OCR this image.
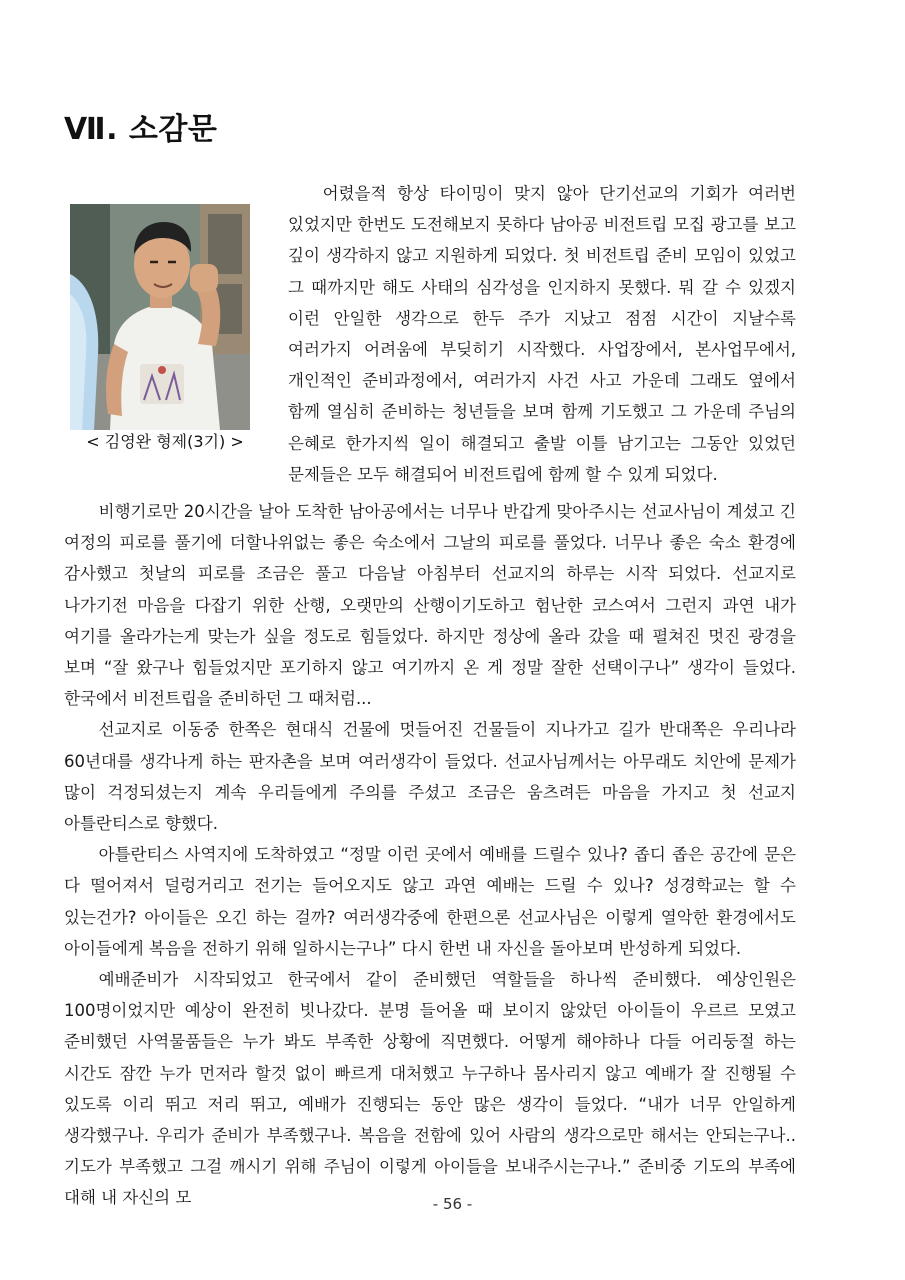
Ⅶ. 소감문
< 김영완 형제(3기) >

어렸을적 항상 타이밍이 맞지 않아 단기선교의 기회가 여러번 있었지만 한번도 도전해보지 못하다 남아공 비전트립 모집 광고를 보고 깊이 생각하지 않고 지원하게 되었다. 첫 비전트립 준비 모임이 있었고 그 때까지만 해도 사태의 심각성을 인지하지 못했다. 뭐 갈 수 있겠지 이런 안일한 생각으로 한두 주가 지났고 점점 시간이 지날수록 여러가지 어려움에 부딪히기 시작했다. 사업장에서, 본사업무에서, 개인적인 준비과정에서, 여러가지 사건 사고 가운데 그래도 옆에서 함께 열심히 준비하는 청년들을 보며 함께 기도했고 그 가운데 주님의 은혜로 한가지씩 일이 해결되고 출발 이틀 남기고는 그동안 있었던 문제들은 모두 해결되어 비전트립에 함께 할 수 있게 되었다.

비행기로만 20시간을 날아 도착한 남아공에서는 너무나 반갑게 맞아주시는 선교사님이 계셨고 긴 여정의 피로를 풀기에 더할나위없는 좋은 숙소에서 그날의 피로를 풀었다. 너무나 좋은 숙소 환경에 감사했고 첫날의 피로를 조금은 풀고 다음날 아침부터 선교지의 하루는 시작 되었다. 선교지로 나가기전 마음을 다잡기 위한 산행, 오랫만의 산행이기도하고 험난한 코스여서 그런지 과연 내가 여기를 올라가는게 맞는가 싶을 정도로 힘들었다. 하지만 정상에 올라 갔을 때 펼쳐진 멋진 광경을 보며 “잘 왔구나 힘들었지만 포기하지 않고 여기까지 온 게 정말 잘한 선택이구나” 생각이 들었다. 한국에서 비전트립을 준비하던 그 때처럼...

선교지로 이동중 한쪽은 현대식 건물에 멋들어진 건물들이 지나가고 길가 반대쪽은 우리나라 60년대를 생각나게 하는 판자촌을 보며 여러생각이 들었다. 선교사님께서는 아무래도 치안에 문제가 많이 걱정되셨는지 계속 우리들에게 주의를 주셨고 조금은 움츠려든 마음을 가지고 첫 선교지 아틀란티스로 향했다.

아틀란티스 사역지에 도착하였고 “정말 이런 곳에서 예배를 드릴수 있나? 좁디 좁은 공간에 문은 다 떨어져서 덜렁거리고 전기는 들어오지도 않고 과연 예배는 드릴 수 있나? 성경학교는 할 수 있는건가? 아이들은 오긴 하는 걸까? 여러생각중에 한편으론 선교사님은 이렇게 열악한 환경에서도 아이들에게 복음을 전하기 위해 일하시는구나” 다시 한번 내 자신을 돌아보며 반성하게 되었다.

예배준비가 시작되었고 한국에서 같이 준비했던 역할들을 하나씩 준비했다. 예상인원은 100명이었지만 예상이 완전히 빗나갔다. 분명 들어올 때 보이지 않았던 아이들이 우르르 모였고 준비했던 사역물품들은 누가 봐도 부족한 상황에 직면했다. 어떻게 해야하나 다들 어리둥절 하는 시간도 잠깐 누가 먼저라 할것 없이 빠르게 대처했고 누구하나 몸사리지 않고 예배가 잘 진행될 수 있도록 이리 뛰고 저리 뛰고, 예배가 진행되는 동안 많은 생각이 들었다. “내가 너무 안일하게 생각했구나. 우리가 준비가 부족했구나. 복음을 전함에 있어 사람의 생각으로만 해서는 안되는구나.. 기도가 부족했고 그걸 깨시기 위해 주님이 이렇게 아이들을 보내주시는구나.” 준비중 기도의 부족에 대해 내 자신의 모	- 56 -
